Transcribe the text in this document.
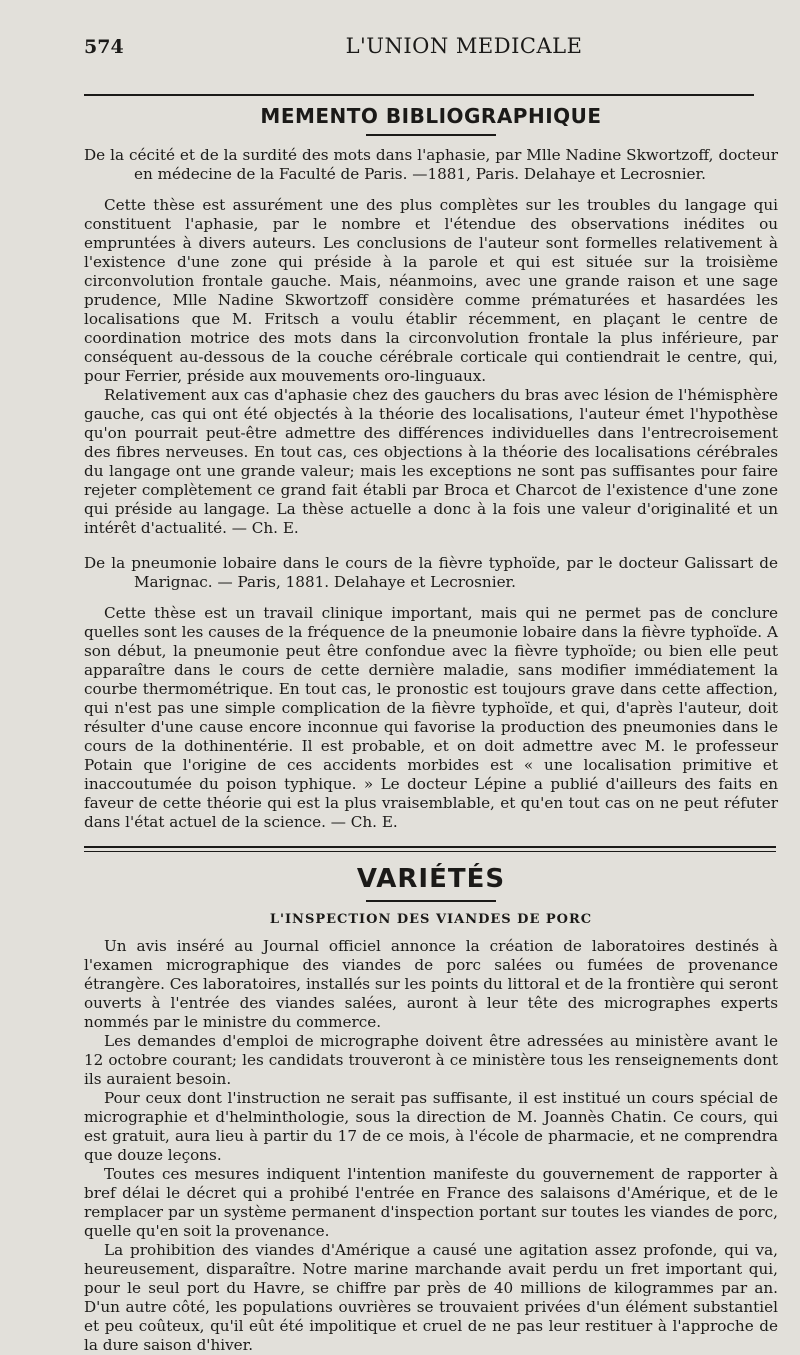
574	L'UNION MEDICALE
MEMENTO BIBLIOGRAPHIQUE

De la cécité et de la surdité des mots dans l'aphasie, par Mlle Nadine Skwortzoff, docteur en médecine de la Faculté de Paris. —1881, Paris. Delahaye et Lecrosnier.

Cette thèse est assurément une des plus complètes sur les troubles du langage qui constituent l'aphasie, par le nombre et l'étendue des observations inédites ou empruntées à divers auteurs. Les conclusions de l'auteur sont formelles relativement à l'existence d'une zone qui préside à la parole et qui est située sur la troisième circonvolution frontale gauche. Mais, néanmoins, avec une grande raison et une sage prudence, Mlle Nadine Skwortzoff considère comme prématurées et hasardées les localisations que M. Fritsch a voulu établir récemment, en plaçant le centre de coordination motrice des mots dans la circonvolution frontale la plus inférieure, par conséquent au-dessous de la couche cérébrale corticale qui contiendrait le centre, qui, pour Ferrier, préside aux mouvements oro-linguaux.

Relativement aux cas d'aphasie chez des gauchers du bras avec lésion de l'hémisphère gauche, cas qui ont été objectés à la théorie des localisations, l'auteur émet l'hypothèse qu'on pourrait peut-être admettre des différences individuelles dans l'entrecroisement des fibres nerveuses. En tout cas, ces objections à la théorie des localisations cérébrales du langage ont une grande valeur; mais les exceptions ne sont pas suffisantes pour faire rejeter complètement ce grand fait établi par Broca et Charcot de l'existence d'une zone qui préside au langage. La thèse actuelle a donc à la fois une valeur d'originalité et un intérêt d'actualité. — Ch. E.

De la pneumonie lobaire dans le cours de la fièvre typhoïde, par le docteur Galissart de Marignac. — Paris, 1881. Delahaye et Lecrosnier.

Cette thèse est un travail clinique important, mais qui ne permet pas de conclure quelles sont les causes de la fréquence de la pneumonie lobaire dans la fièvre typhoïde. A son début, la pneumonie peut être confondue avec la fièvre typhoïde; ou bien elle peut apparaître dans le cours de cette dernière maladie, sans modifier immédiatement la courbe thermométrique. En tout cas, le pronostic est toujours grave dans cette affection, qui n'est pas une simple complication de la fièvre typhoïde, et qui, d'après l'auteur, doit résulter d'une cause encore inconnue qui favorise la production des pneumonies dans le cours de la dothinentérie. Il est probable, et on doit admettre avec M. le professeur Potain que l'origine de ces accidents morbides est « une localisation primitive et inaccoutumée du poison typhique. » Le docteur Lépine a publié d'ailleurs des faits en faveur de cette théorie qui est la plus vraisemblable, et qu'en tout cas on ne peut réfuter dans l'état actuel de la science. — Ch. E.

VARIÉTÉS
L'INSPECTION DES VIANDES DE PORC

Un avis inséré au Journal officiel annonce la création de laboratoires destinés à l'examen micrographique des viandes de porc salées ou fumées de provenance étrangère. Ces laboratoires, installés sur les points du littoral et de la frontière qui seront ouverts à l'entrée des viandes salées, auront à leur tête des micrographes experts nommés par le ministre du commerce.

Les demandes d'emploi de micrographe doivent être adressées au ministère avant le 12 octobre courant; les candidats trouveront à ce ministère tous les renseignements dont ils auraient besoin.

Pour ceux dont l'instruction ne serait pas suffisante, il est institué un cours spécial de micrographie et d'helminthologie, sous la direction de M. Joannès Chatin. Ce cours, qui est gratuit, aura lieu à partir du 17 de ce mois, à l'école de pharmacie, et ne comprendra que douze leçons.

Toutes ces mesures indiquent l'intention manifeste du gouvernement de rapporter à bref délai le décret qui a prohibé l'entrée en France des salaisons d'Amérique, et de le remplacer par un système permanent d'inspection portant sur toutes les viandes de porc, quelle qu'en soit la provenance.

La prohibition des viandes d'Amérique a causé une agitation assez profonde, qui va, heureusement, disparaître. Notre marine marchande avait perdu un fret important qui, pour le seul port du Havre, se chiffre par près de 40 millions de kilogrammes par an. D'un autre côté, les populations ouvrières se trouvaient privées d'un élément substantiel et peu coûteux, qu'il eût été impolitique et cruel de ne pas leur restituer à l'approche de la dure saison d'hiver.
